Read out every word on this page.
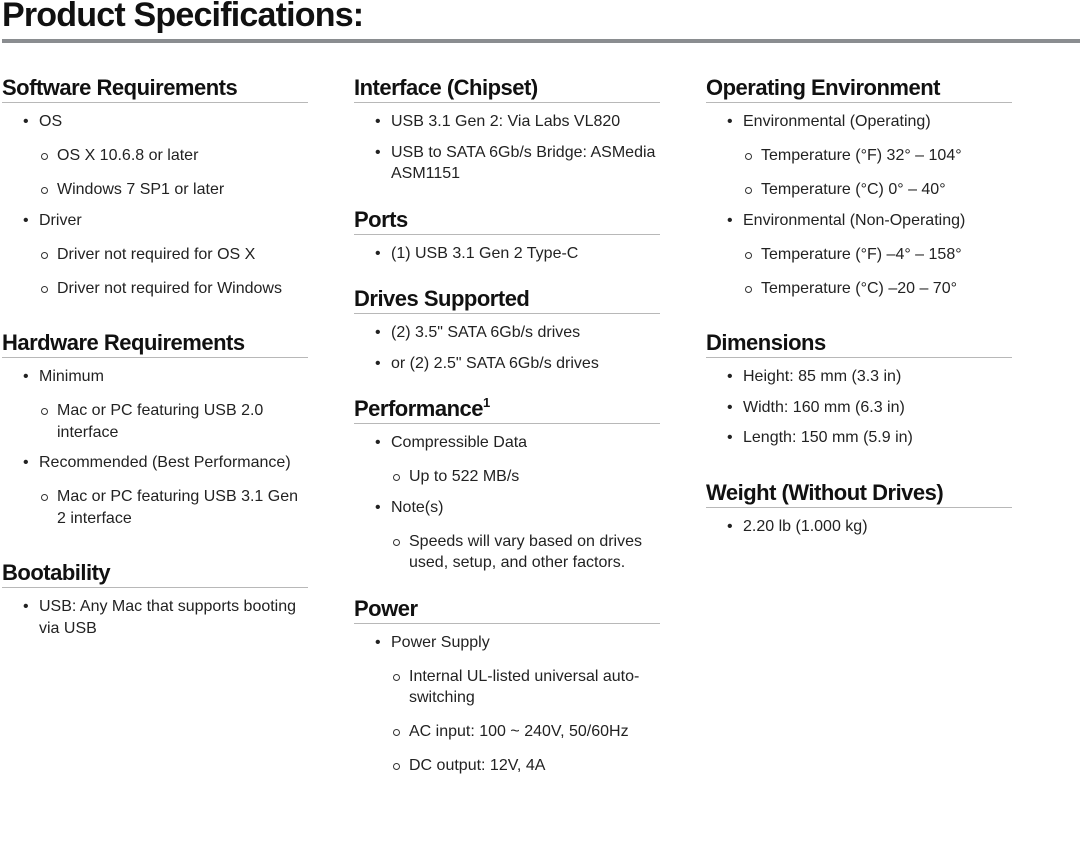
Product Specifications:
Software Requirements
• OS
OS X 10.6.8 or later
Windows 7 SP1 or later
• Driver
Driver not required for OS X
Driver not required for Windows
Hardware Requirements
• Minimum
Mac or PC featuring USB 2.0 interface
• Recommended (Best Performance)
Mac or PC featuring USB 3.1 Gen 2 interface
Bootability
• USB: Any Mac that supports booting via USB
Interface (Chipset)
• USB 3.1 Gen 2: Via Labs VL820
• USB to SATA 6Gb/s Bridge: ASMedia ASM1151
Ports
• (1) USB 3.1 Gen 2 Type-C
Drives Supported
• (2) 3.5" SATA 6Gb/s drives
• or (2) 2.5" SATA 6Gb/s drives
Performance$^1$
• Compressible Data
Up to 522 MB/s
• Note(s)
Speeds will vary based on drives used, setup, and other factors.
Power
• Power Supply
Internal UL-listed universal auto-switching
AC input: 100 ~ 240V, 50/60Hz
DC output: 12V, 4A
Operating Environment
• Environmental (Operating)
Temperature (°F) 32° – 104°
Temperature (°C) 0° – 40°
• Environmental (Non-Operating)
Temperature (°F) –4° – 158°
Temperature (°C) –20 – 70°
Dimensions
• Height: 85 mm (3.3 in)
• Width: 160 mm (6.3 in)
• Length: 150 mm (5.9 in)
Weight (Without Drives)
• 2.20 lb (1.000 kg)
